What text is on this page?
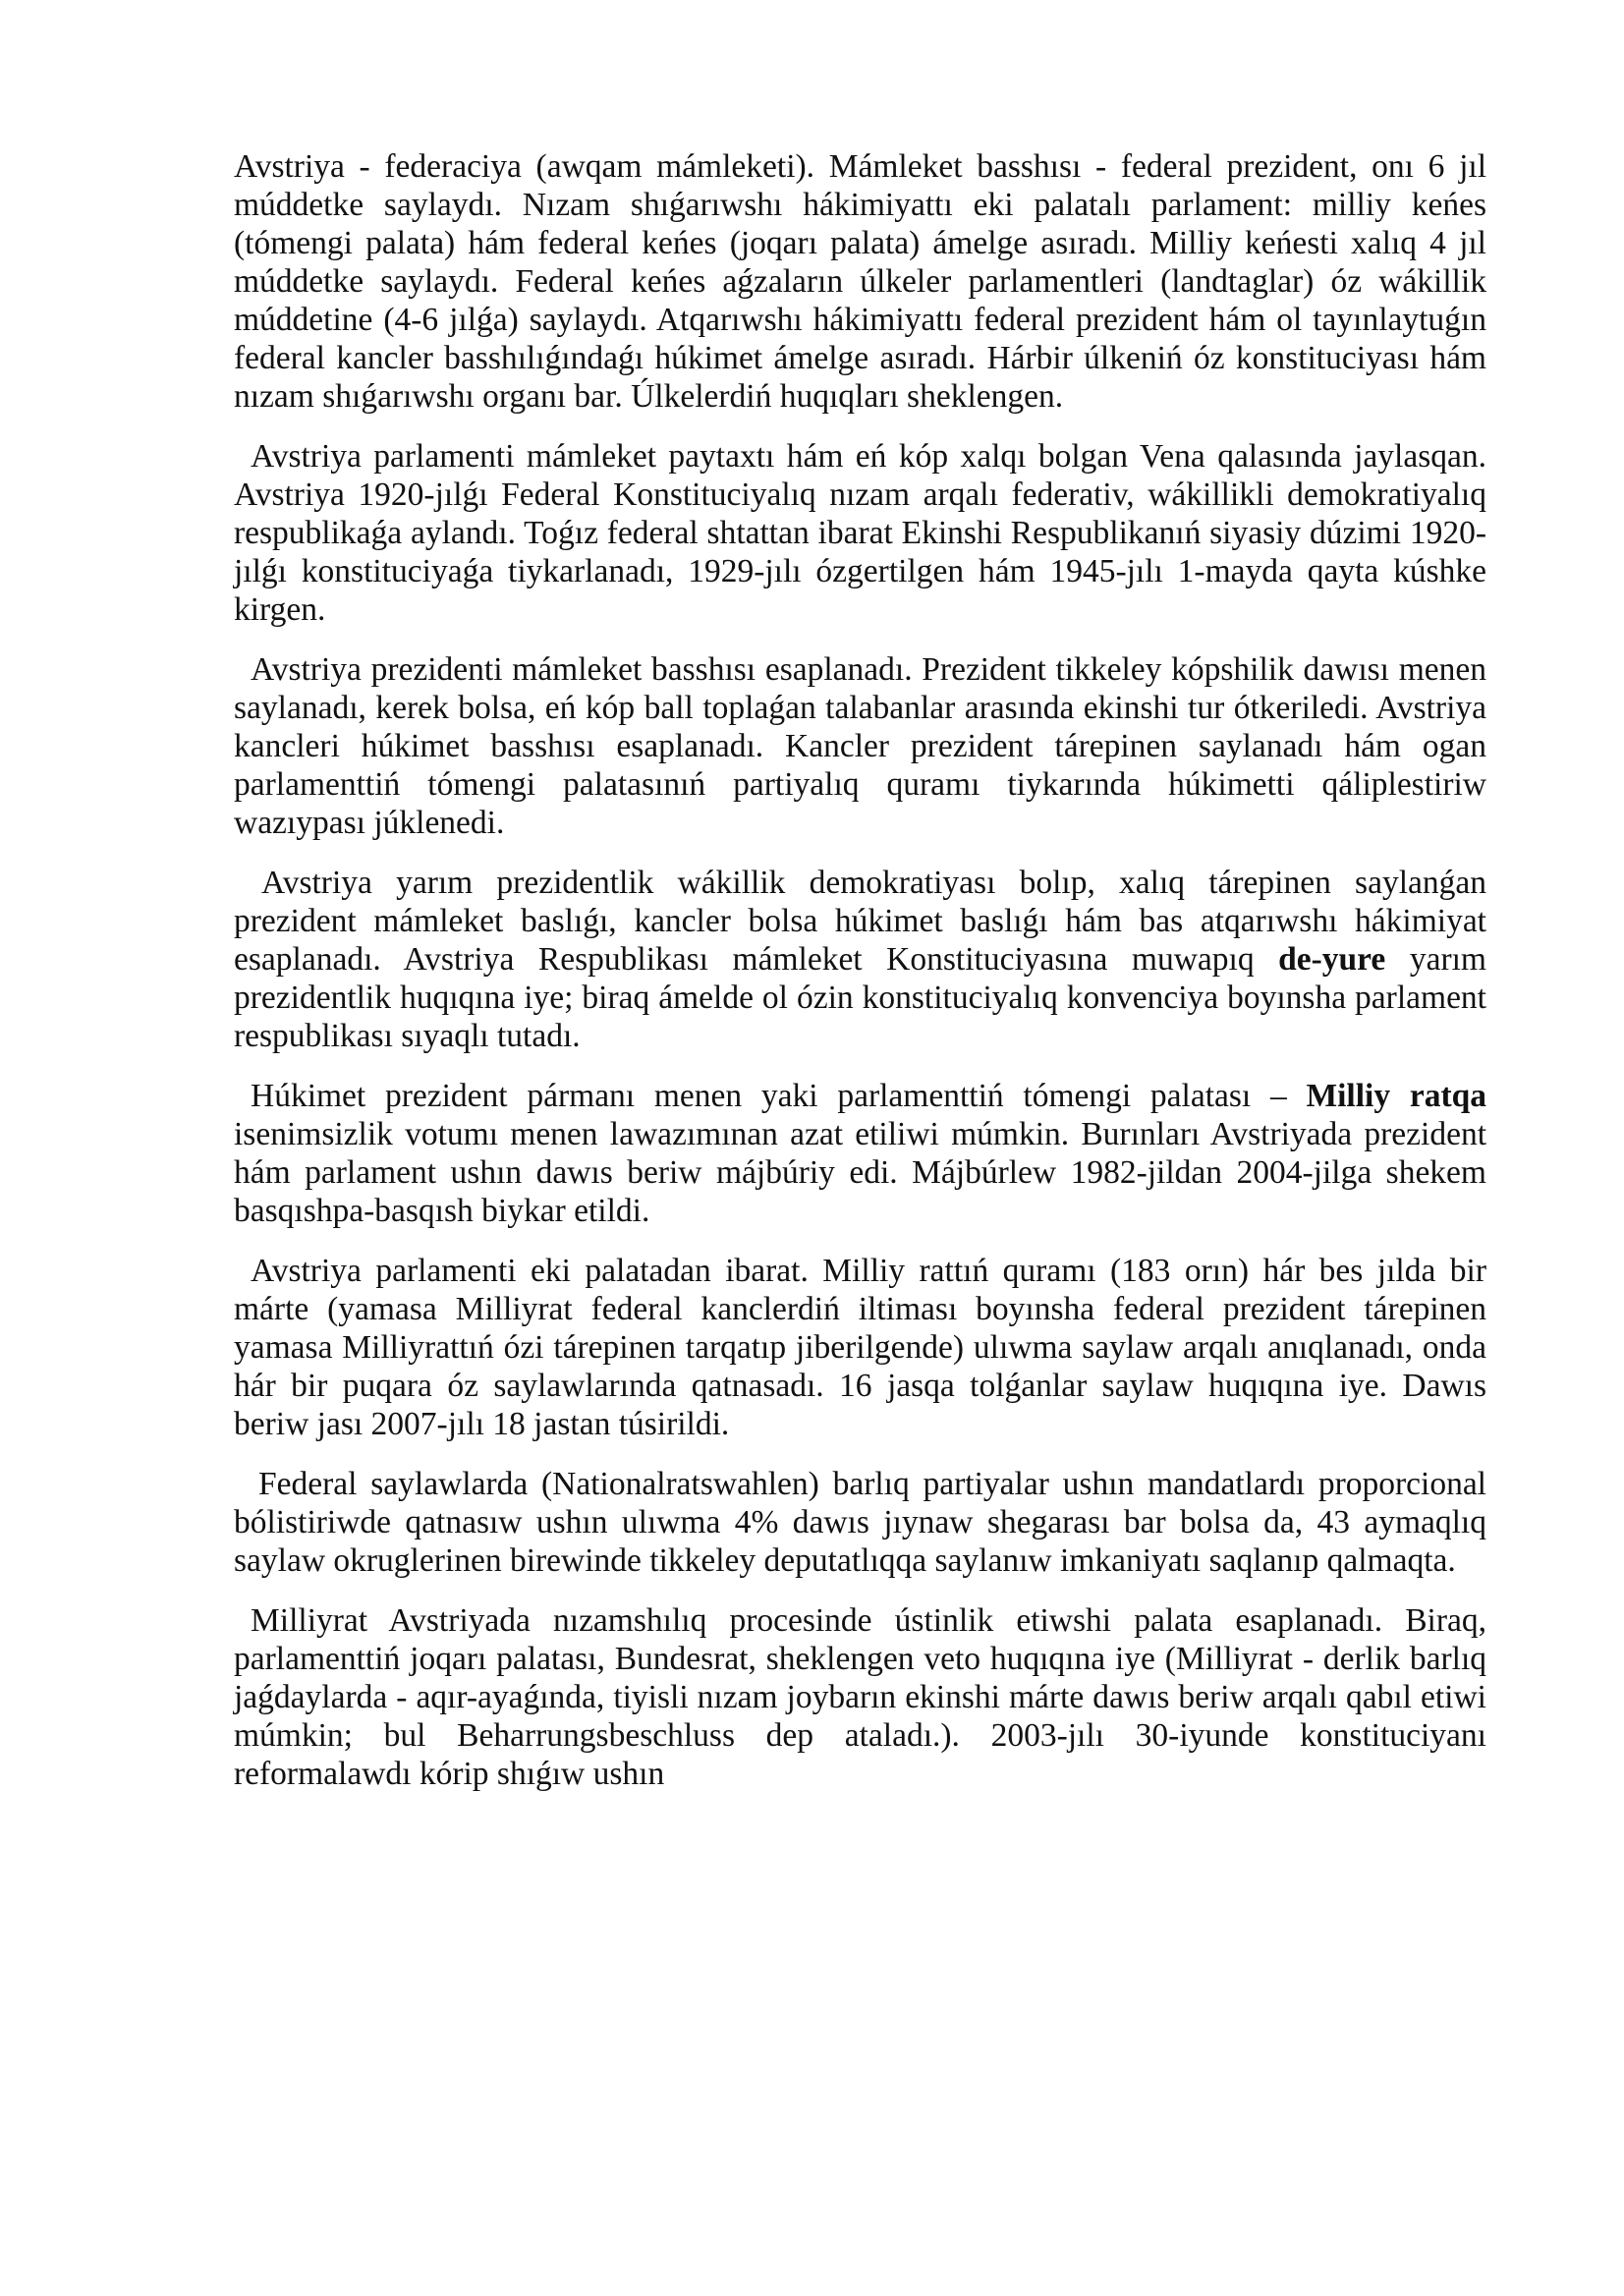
Avstriya - federaciya (awqam mámleketi). Mámleket basshısı - federal prezident, onı 6 jıl múddetke saylaydı. Nızam shıǵarıwshı hákimiyattı eki palatalı parlament: milliy keńes (tómengi palata) hám federal keńes (joqarı palata) ámelge asıradı. Milliy keńesti xalıq 4 jıl múddetke saylaydı. Federal keńes aǵzaların úlkeler parlamentleri (landtaglar) óz wákillik múddetine (4-6 jılǵa) saylaydı. Atqarıwshı hákimiyattı federal prezident hám ol tayınlaytuǵın federal kancler basshılıǵındaǵı húkimet ámelge asıradı. Hárbir úlkeniń óz konstituciyası hám nızam shıǵarıwshı organı bar. Úlkelerdiń huqıqları sheklengen.

Avstriya parlamenti mámleket paytaxtı hám eń kóp xalqı bolgan Vena qalasında jaylasqan. Avstriya 1920-jılǵı Federal Konstituciyalıq nızam arqalı federativ, wákillikli demokratiyalıq respublikaǵa aylandı. Toǵız federal shtattan ibarat Ekinshi Respublikanıń siyasiy dúzimi 1920-jılǵı konstituciyaǵa tiykarlanadı, 1929-jılı ózgertilgen hám 1945-jılı 1-mayda qayta kúshke kirgen.

Avstriya prezidenti mámleket basshısı esaplanadı. Prezident tikkeley kópshilik dawısı menen saylanadı, kerek bolsa, eń kóp ball toplaǵan talabanlar arasında ekinshi tur ótkeriledi. Avstriya kancleri húkimet basshısı esaplanadı. Kancler prezident tárepinen saylanadı hám ogan parlamenttiń tómengi palatasınıń partiyalıq quramı tiykarında húkimetti qáliplestiriw wazıypası júklenedi.

Avstriya yarım prezidentlik wákillik demokratiyası bolıp, xalıq tárepinen saylanǵan prezident mámleket baslıǵı, kancler bolsa húkimet baslıǵı hám bas atqarıwshı hákimiyat esaplanadı. Avstriya Respublikası mámleket Konstituciyasına muwapıq de-yure yarım prezidentlik huqıqına iye; biraq ámelde ol ózin konstituciyalıq konvenciya boyınsha parlament respublikası sıyaqlı tutadı.

Húkimet prezident pármanı menen yaki parlamenttiń tómengi palatası – Milliy ratqa isenimsizlik votumı menen lawazımınan azat etiliwi múmkin. Burınları Avstriyada prezident hám parlament ushın dawıs beriw májbúriy edi. Májbúrlew 1982-jildan 2004-jilga shekem basqıshpa-basqısh biykar etildi.

Avstriya parlamenti eki palatadan ibarat. Milliy rattıń quramı (183 orın) hár bes jılda bir márte (yamasa Milliyrat federal kanclerdiń iltiması boyınsha federal prezident tárepinen yamasa Milliyrattıń ózi tárepinen tarqatıp jiberilgende) ulıwma saylaw arqalı anıqlanadı, onda hár bir puqara óz saylawlarında qatnasadı. 16 jasqa tolǵanlar saylaw huqıqına iye. Dawıs beriw jası 2007-jılı 18 jastan túsirildi.

Federal saylawlarda (Nationalratswahlen) barlıq partiyalar ushın mandatlardı proporcional bólistiriwde qatnasıw ushın ulıwma 4% dawıs jıynaw shegarası bar bolsa da, 43 aymaqlıq saylaw okruglerinen birewinde tikkeley deputatlıqqa saylanıw imkaniyatı saqlanıp qalmaqta.

Milliyrat Avstriyada nızamshılıq procesinde ústinlik etiwshi palata esaplanadı. Biraq, parlamenttiń joqarı palatası, Bundesrat, sheklengen veto huqıqına iye (Milliyrat - derlik barlıq jaǵdaylarda - aqır-ayaǵında, tiyisli nızam joybarın ekinshi márte dawıs beriw arqalı qabıl etiwi múmkin; bul Beharrungsbeschluss dep ataladı.). 2003-jılı 30-iyunde konstituciyanı reformalawdı kórip shıǵıw ushın
